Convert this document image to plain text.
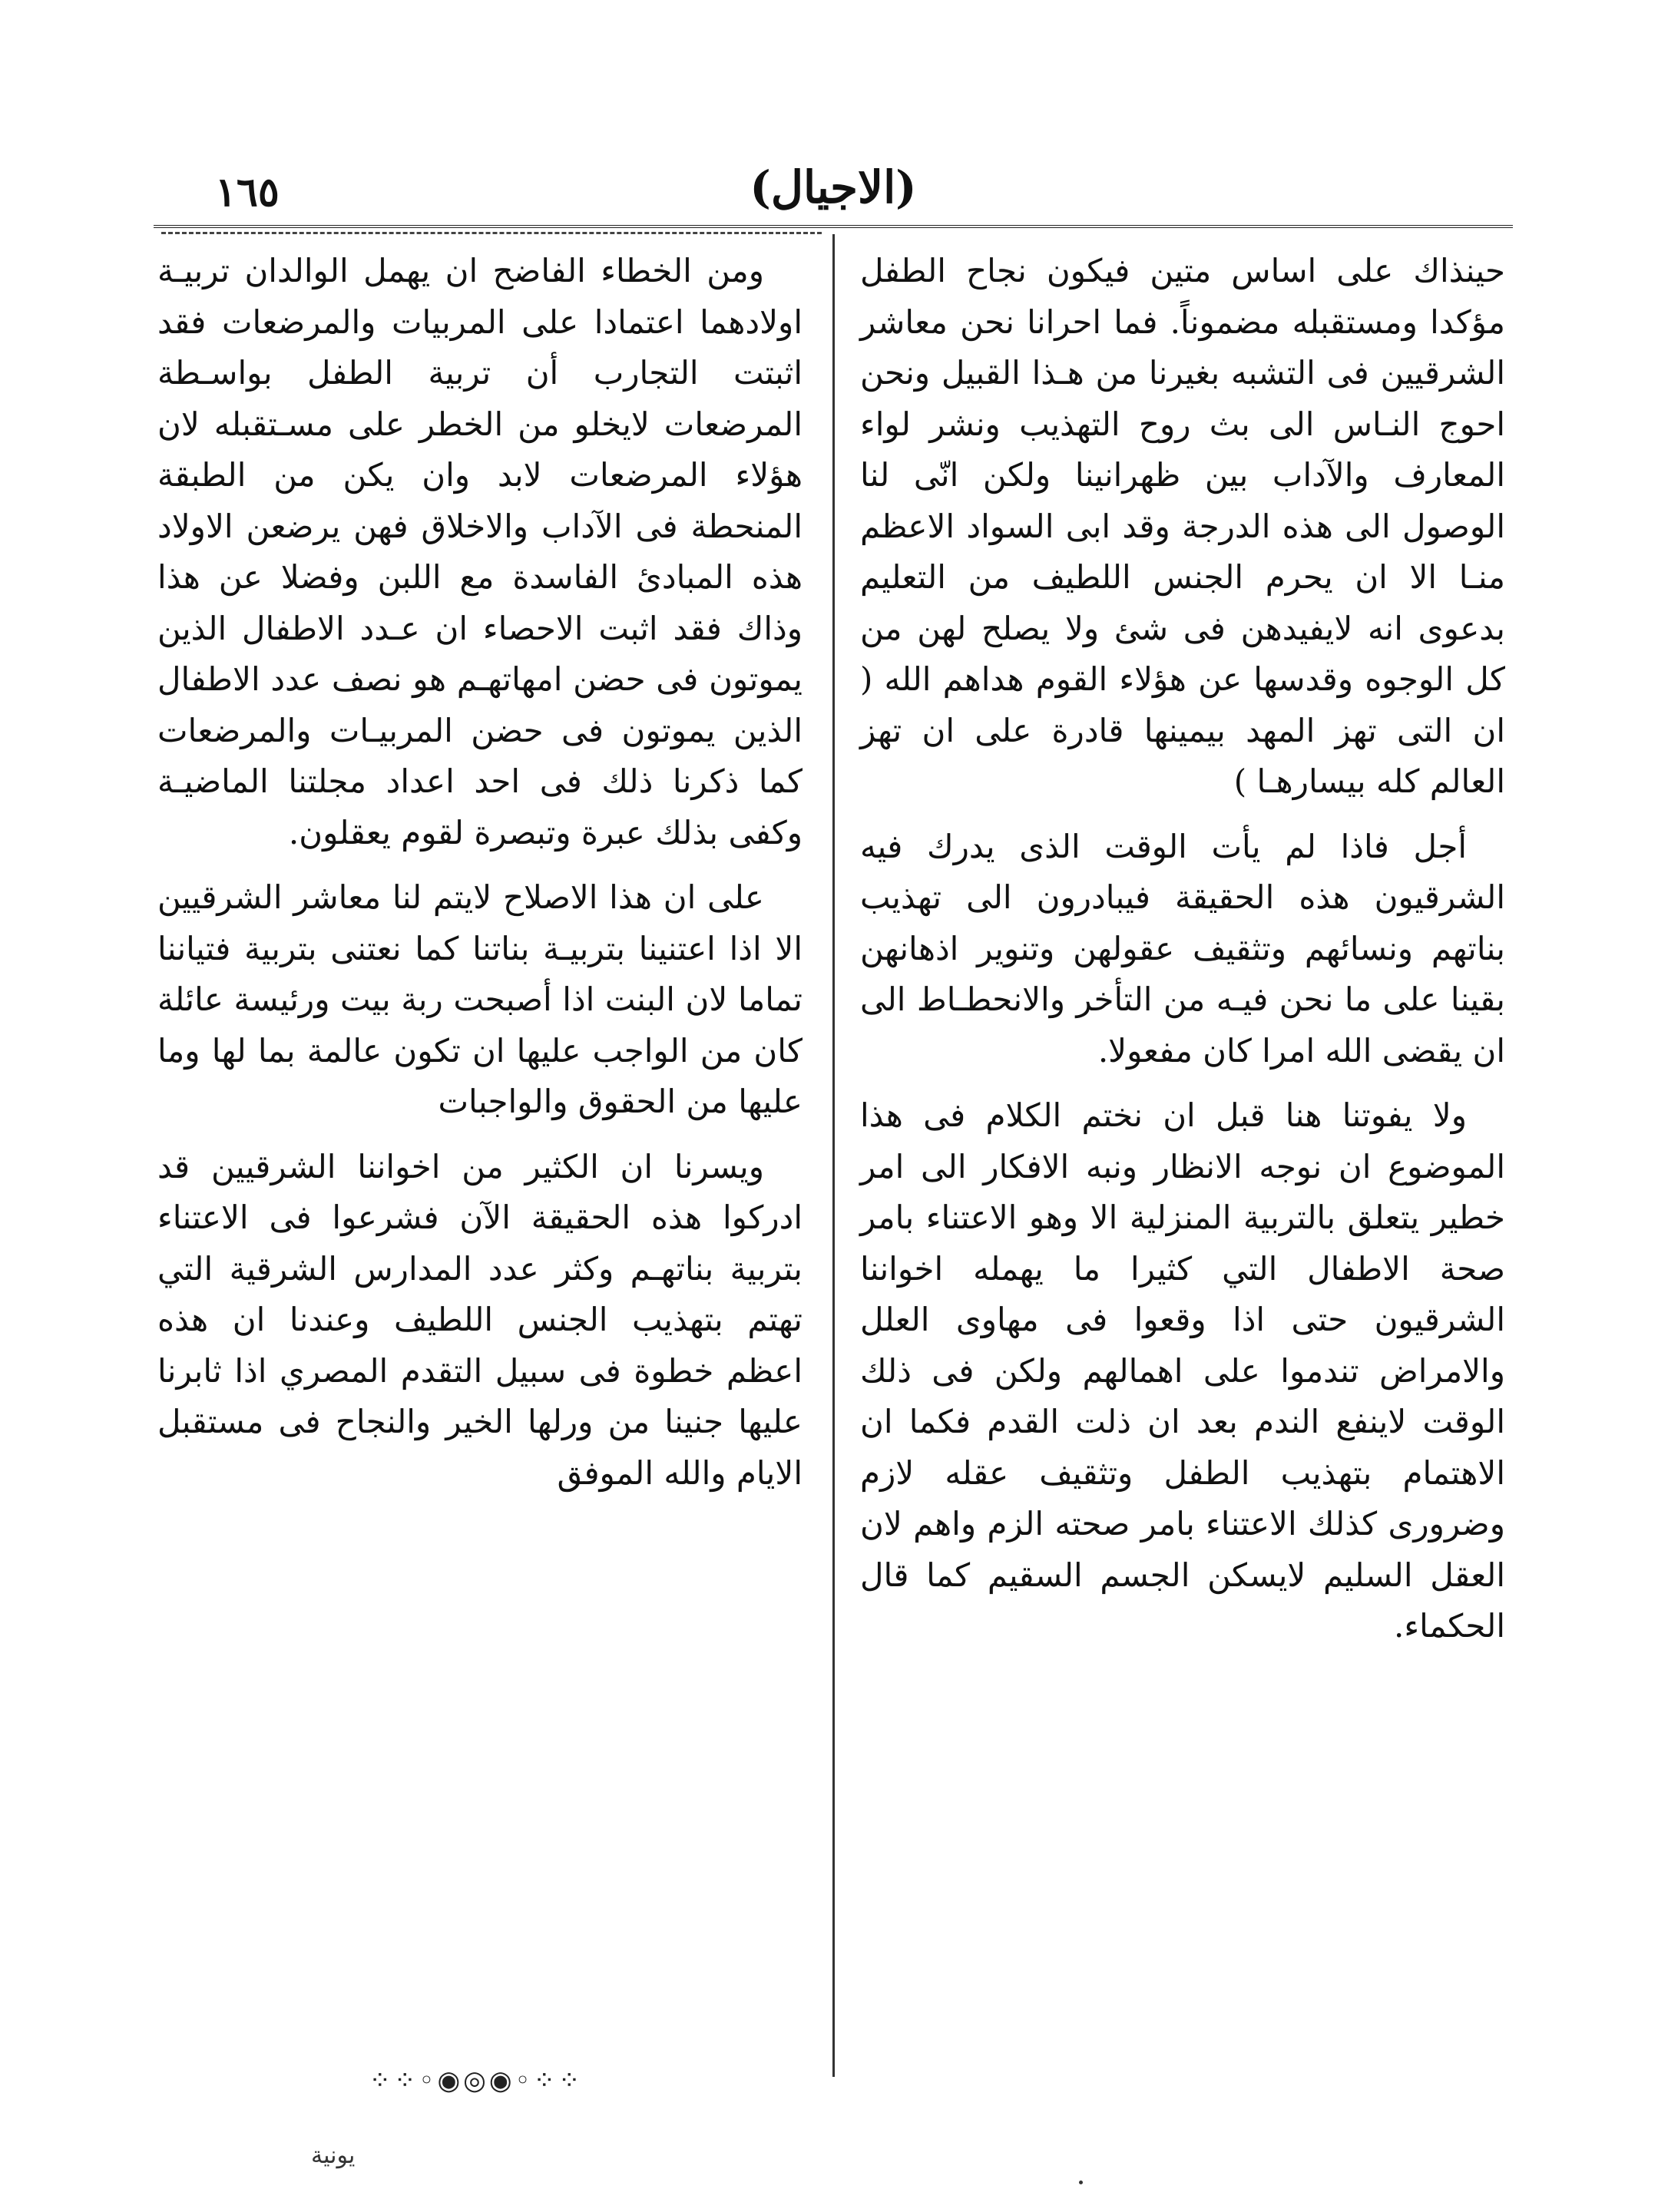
١٦٥	(الاجيال)

حينذاك على اساس متين فيكون نجاح الطفل مؤكدا ومستقبله مضموناً. فما احرانا نحن معاشر الشرقيين فى التشبه بغيرنا من هـذا القبيل ونحن احوج النـاس الى بث روح التهذيب ونشر لواء المعارف والآداب بين ظهرانينا ولكن انّى لنا الوصول الى هذه الدرجة وقد ابى السواد الاعظم منـا الا ان يحرم الجنس اللطيف من التعليم بدعوى انه لايفيدهن فى شئ ولا يصلح لهن من كل الوجوه وقدسها عن هؤلاء القوم هداهم الله ( ان التى تهز المهد بيمينها قادرة على ان تهز العالم كله بيسارهـا )

أجل فاذا لم يأت الوقت الذى يدرك فيه الشرقيون هذه الحقيقة فيبادرون الى تهذيب بناتهم ونسائهم وتثقيف عقولهن وتنوير اذهانهن بقينا على ما نحن فيـه من التأخر والانحطـاط الى ان يقضى الله امرا كان مفعولا.

ولا يفوتنا هنا قبل ان نختم الكلام فى هذا الموضوع ان نوجه الانظار ونبه الافكار الى امر خطير يتعلق بالتربية المنزلية الا وهو الاعتناء بامر صحة الاطفال التي كثيرا ما يهمله اخواننا الشرقيون حتى اذا وقعوا فى مهاوى العلل والامراض تندموا على اهمالهم ولكن فى ذلك الوقت لاينفع الندم بعد ان ذلت القدم فكما ان الاهتمام بتهذيب الطفل وتثقيف عقله لازم وضرورى كذلك الاعتناء بامر صحته الزم واهم لان العقل السليم لايسكن الجسم السقيم كما قال الحكماء.

ومن الخطاء الفاضح ان يهمل الوالدان تربيـة اولادهما اعتمادا على المربيات والمرضعات فقد اثبتت التجارب أن تربية الطفل بواسـطة المرضعات لايخلو من الخطر على مسـتقبله لان هؤلاء المرضعات لابد وان يكن من الطبقة المنحطة فى الآداب والاخلاق فهن يرضعن الاولاد هذه المبادئ الفاسدة مع اللبن وفضلا عن هذا وذاك فقد اثبت الاحصاء ان عـدد الاطفال الذين يموتون فى حضن امهاتهـم هو نصف عدد الاطفال الذين يموتون فى حضن المربيـات والمرضعات كما ذكرنا ذلك فى احد اعداد مجلتنا الماضيـة وكفى بذلك عبرة وتبصرة لقوم يعقلون.

على ان هذا الاصلاح لايتم لنا معاشر الشرقيين الا اذا اعتنينا بتربيـة بناتنا كما نعتنى بتربية فتياننا تماما لان البنت اذا أصبحت ربة بيت ورئيسة عائلة كان من الواجب عليها ان تكون عالمة بما لها وما عليها من الحقوق والواجبات

ويسرنا ان الكثير من اخواننا الشرقيين قد ادركوا هذه الحقيقة الآن فشرعوا فى الاعتناء بتربية بناتهـم وكثر عدد المدارس الشرقية التي تهتم بتهذيب الجنس اللطيف وعندنا ان هذه اعظم خطوة فى سبيل التقدم المصري اذا ثابرنا عليها جنينا من ورلها الخير والنجاح فى مستقبل الايام والله الموفق

⁘⁘◦◉◎◉◦⁘⁘
يونية
